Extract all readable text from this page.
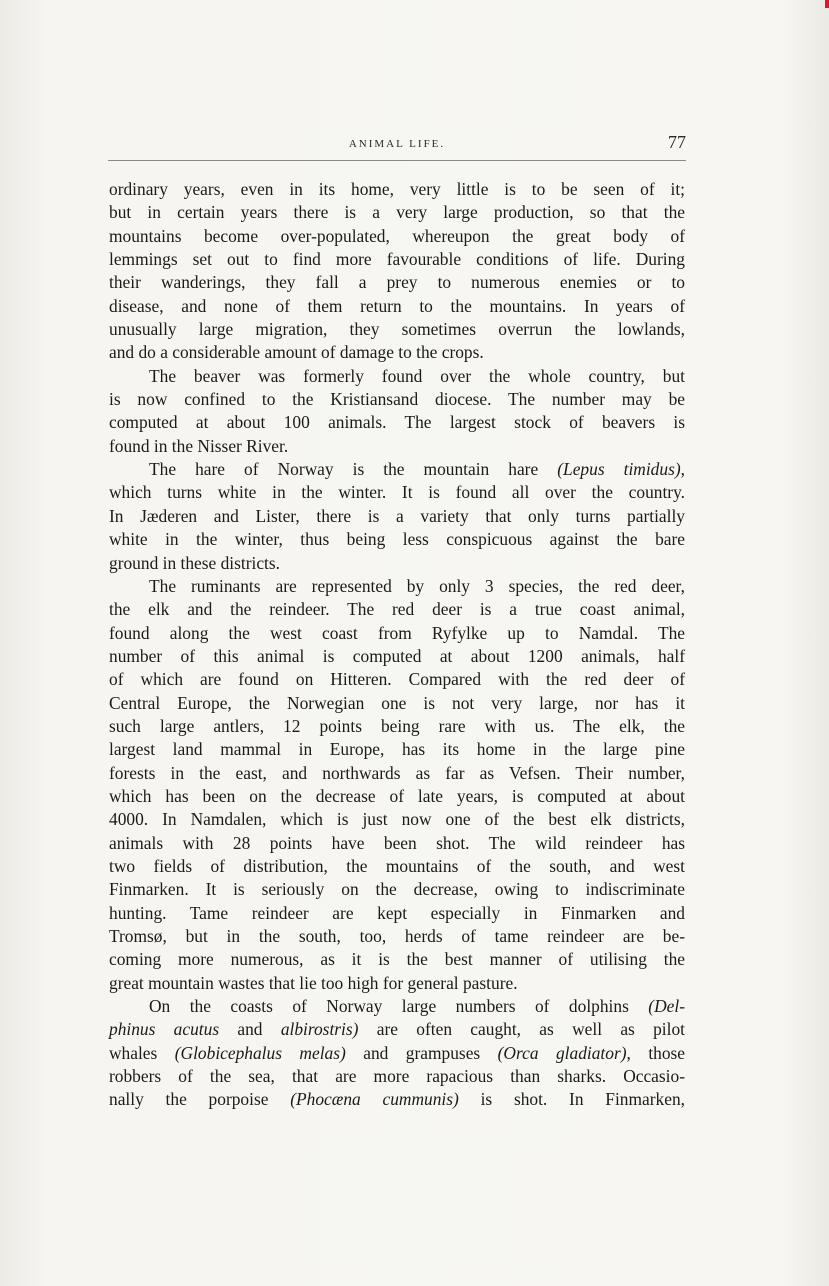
ANIMAL LIFE.	77
ordinary years, even in its home, very little is to be seen of it;
but in certain years there is a very large production, so that the
mountains become over-populated, whereupon the great body of
lemmings set out to find more favourable conditions of life. During
their wanderings, they fall a prey to numerous enemies or to
disease, and none of them return to the mountains. In years of
unusually large migration, they sometimes overrun the lowlands,
and do a considerable amount of damage to the crops.
The beaver was formerly found over the whole country, but
is now confined to the Kristiansand diocese. The number may be
computed at about 100 animals. The largest stock of beavers is
found in the Nisser River.
The hare of Norway is the mountain hare (Lepus timidus),
which turns white in the winter. It is found all over the country.
In Jæderen and Lister, there is a variety that only turns partially
white in the winter, thus being less conspicuous against the bare
ground in these districts.
The ruminants are represented by only 3 species, the red deer,
the elk and the reindeer. The red deer is a true coast animal,
found along the west coast from Ryfylke up to Namdal. The
number of this animal is computed at about 1200 animals, half
of which are found on Hitteren. Compared with the red deer of
Central Europe, the Norwegian one is not very large, nor has it
such large antlers, 12 points being rare with us. The elk, the
largest land mammal in Europe, has its home in the large pine
forests in the east, and northwards as far as Vefsen. Their number,
which has been on the decrease of late years, is computed at about
4000. In Namdalen, which is just now one of the best elk districts,
animals with 28 points have been shot. The wild reindeer has
two fields of distribution, the mountains of the south, and west
Finmarken. It is seriously on the decrease, owing to indiscriminate
hunting. Tame reindeer are kept especially in Finmarken and
Tromsø, but in the south, too, herds of tame reindeer are be-
coming more numerous, as it is the best manner of utilising the
great mountain wastes that lie too high for general pasture.
On the coasts of Norway large numbers of dolphins (Del-
phinus acutus and albirostris) are often caught, as well as pilot
whales (Globicephalus melas) and grampuses (Orca gladiator), those
robbers of the sea, that are more rapacious than sharks. Occasio-
nally the porpoise (Phocæna cummunis) is shot. In Finmarken,
